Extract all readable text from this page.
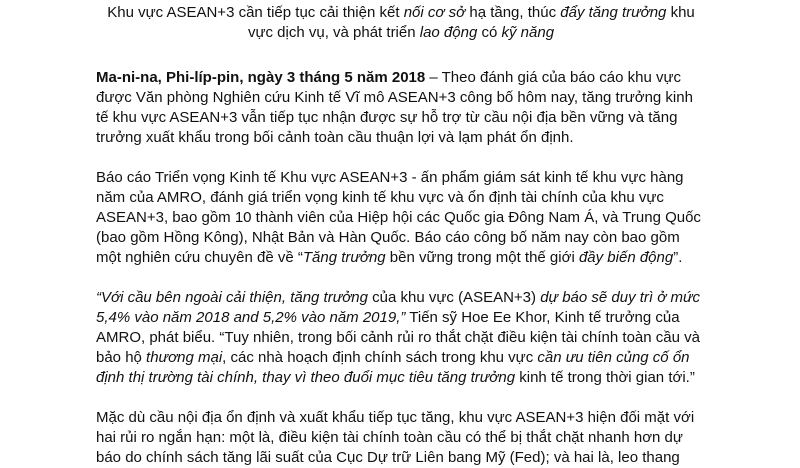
Khu vực ASEAN+3 cần tiếp tục cải thiện kết nối cơ sở hạ tầng, thúc đẩy tăng trưởng khu vực dịch vụ, và phát triển lao động có kỹ năng

Ma-ni-na, Phi-líp-pin, ngày 3 tháng 5 năm 2018 – Theo đánh giá của báo cáo khu vực được Văn phòng Nghiên cứu Kinh tế Vĩ mô ASEAN+3 công bố hôm nay, tăng trưởng kinh tế khu vực ASEAN+3 vẫn tiếp tục nhận được sự hỗ trợ từ cầu nội địa bền vững và tăng trưởng xuất khẩu trong bối cảnh toàn cầu thuận lợi và lạm phát ổn định.

Báo cáo Triển vọng Kinh tế Khu vực ASEAN+3 - ấn phẩm giám sát kinh tế khu vực hàng năm của AMRO, đánh giá triển vọng kinh tế khu vực và ổn định tài chính của khu vực ASEAN+3, bao gồm 10 thành viên của Hiệp hội các Quốc gia Đông Nam Á, và Trung Quốc (bao gồm Hồng Kông), Nhật Bản và Hàn Quốc. Báo cáo công bố năm nay còn bao gồm một nghiên cứu chuyên đề về “Tăng trưởng bền vững trong một thế giới đầy biến động”.

“Với cầu bên ngoài cải thiện, tăng trưởng của khu vực (ASEAN+3) dự báo sẽ duy trì ở mức 5,4% vào năm 2018 and 5,2% vào năm 2019,” Tiến sỹ Hoe Ee Khor, Kinh tế trưởng của AMRO, phát biểu. “Tuy nhiên, trong bối cảnh rủi ro thắt chặt điều kiện tài chính toàn cầu và bảo hộ thương mại, các nhà hoạch định chính sách trong khu vực cần ưu tiên củng cố ổn định thị trường tài chính, thay vì theo đuổi mục tiêu tăng trưởng kinh tế trong thời gian tới.”

Mặc dù cầu nội địa ổn định và xuất khẩu tiếp tục tăng, khu vực ASEAN+3 hiện đối mặt với hai rủi ro ngắn hạn: một là, điều kiện tài chính toàn cầu có thể bị thắt chặt nhanh hơn dự báo do chính sách tăng lãi suất của Cục Dự trữ Liên bang Mỹ (Fed); và hai là, leo thang
